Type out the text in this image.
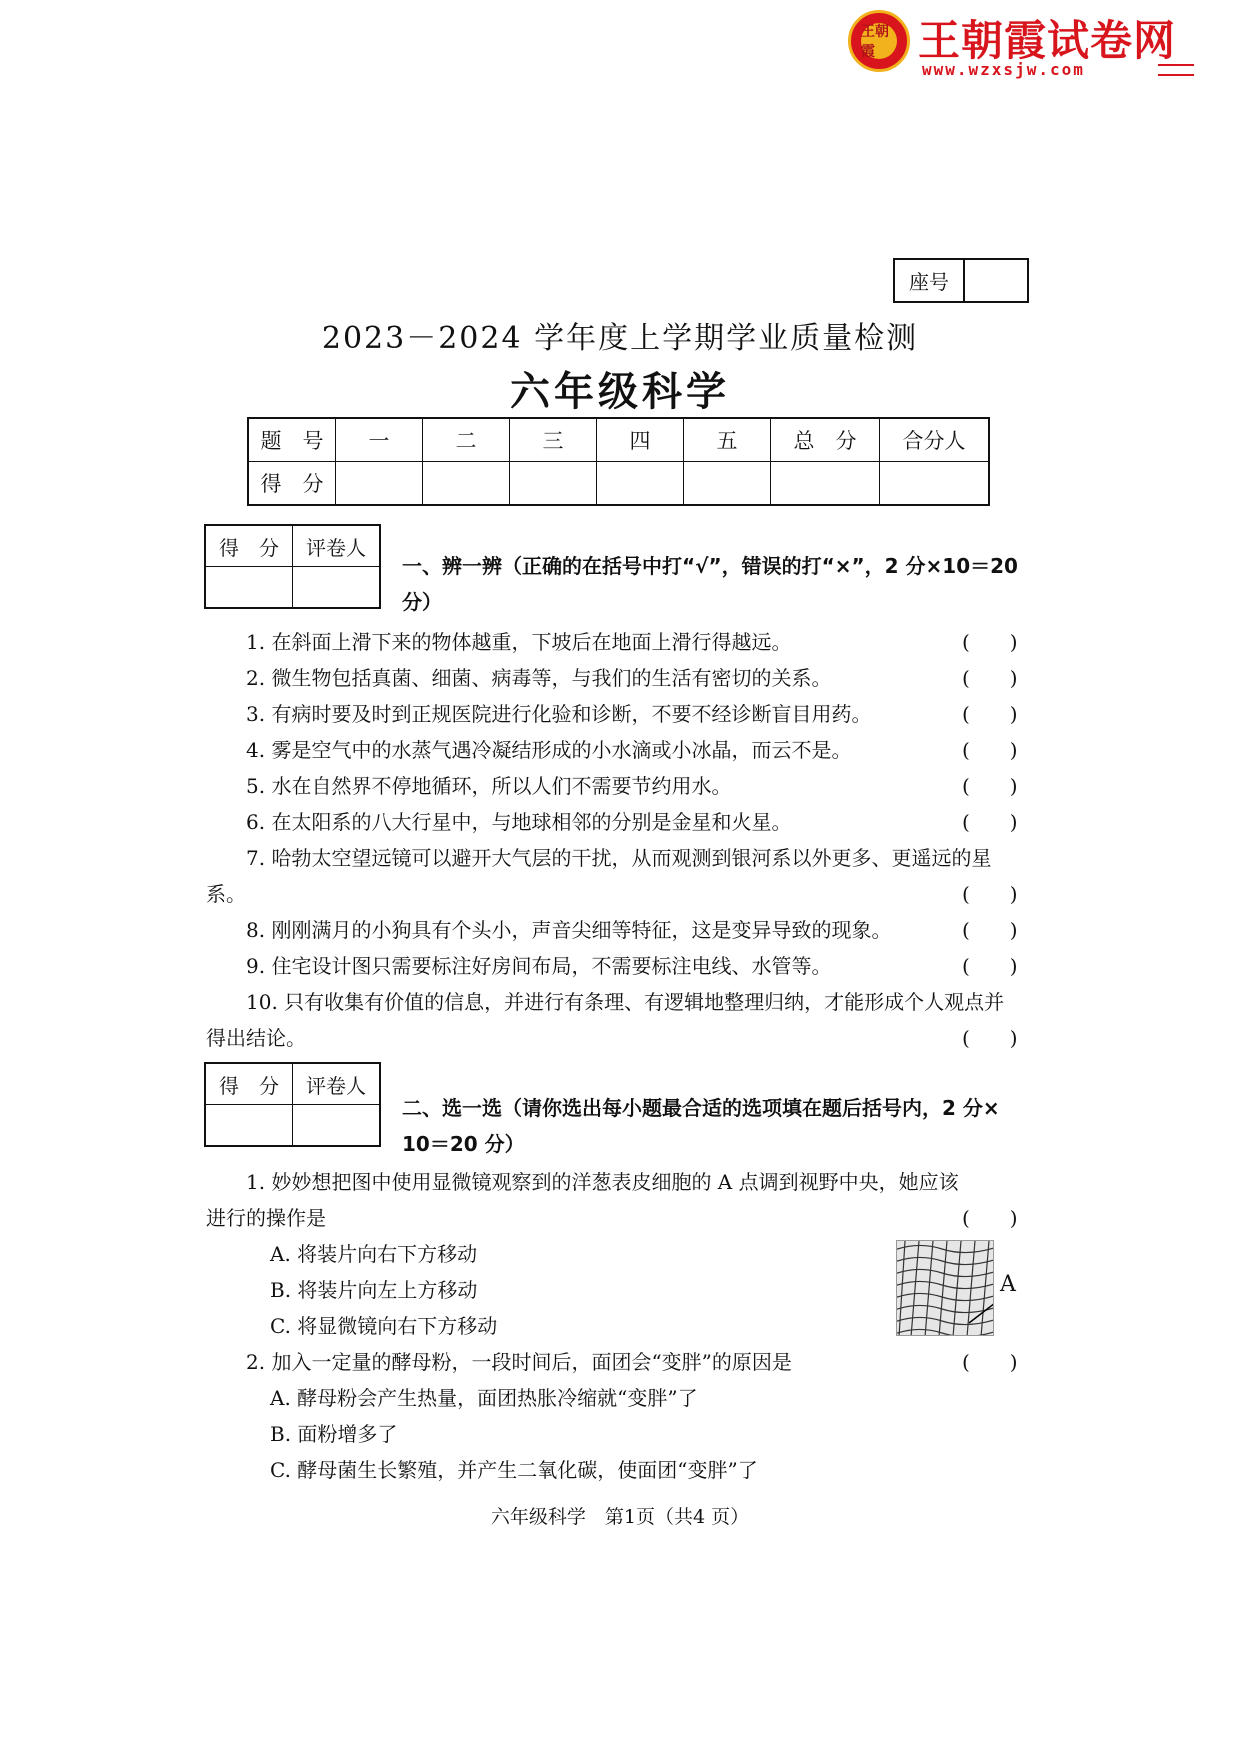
王朝霞	王朝霞试卷网
www.wzxsjw.com
座号
2023－2024 学年度上学期学业质量检测
六年级科学
题　号	一	二	三	四	五	总　分	合分人
得　分							
得　分	评卷人

一、辨一辨（正确的在括号中打“√”，错误的打“×”，2 分×10＝20
分）
1. 在斜面上滑下来的物体越重，下坡后在地面上滑行得越远。	(　　)
2. 微生物包括真菌、细菌、病毒等，与我们的生活有密切的关系。	(　　)
3. 有病时要及时到正规医院进行化验和诊断，不要不经诊断盲目用药。	(　　)
4. 雾是空气中的水蒸气遇冷凝结形成的小水滴或小冰晶，而云不是。	(　　)
5. 水在自然界不停地循环，所以人们不需要节约用水。	(　　)
6. 在太阳系的八大行星中，与地球相邻的分别是金星和火星。	(　　)
7. 哈勃太空望远镜可以避开大气层的干扰，从而观测到银河系以外更多、更遥远的星
系。	(　　)
8. 刚刚满月的小狗具有个头小，声音尖细等特征，这是变异导致的现象。	(　　)
9. 住宅设计图只需要标注好房间布局，不需要标注电线、水管等。	(　　)
10. 只有收集有价值的信息，并进行有条理、有逻辑地整理归纳，才能形成个人观点并
得出结论。	(　　)
得　分	评卷人

二、选一选（请你选出每小题最合适的选项填在题后括号内，2 分×
10＝20 分）
1. 妙妙想把图中使用显微镜观察到的洋葱表皮细胞的 A 点调到视野中央，她应该
进行的操作是	(　　)
A. 将装片向右下方移动
B. 将装片向左上方移动
C. 将显微镜向右下方移动
A
2. 加入一定量的酵母粉，一段时间后，面团会“变胖”的原因是	(　　)
A. 酵母粉会产生热量，面团热胀冷缩就“变胖”了
B. 面粉增多了
C. 酵母菌生长繁殖，并产生二氧化碳，使面团“变胖”了
六年级科学　第1页（共4 页）
